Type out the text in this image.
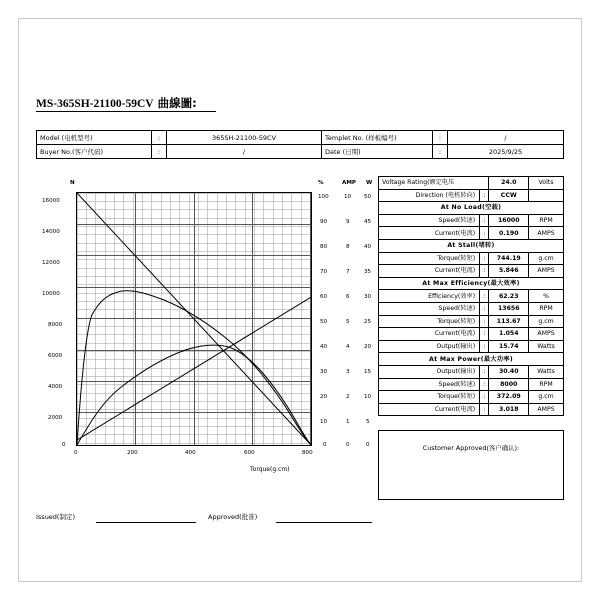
MS-365SH-21100-59CV 曲線圖:
Model (电机型号)	:	365SH-21100-59CV	Templet No. (样板编号)	:	/
Buyer No.(客户代码)	:	/	Date (日期)	:	2025/9/25
N	%	AMP W
16000
14000
12000
10000
8000
6000
4000
2000
0
100
90
80
70
60
50
40
30
20
10
0
10
9
8
7
6
5
4
3
2
1
0
50
45
40
35
30
25
20
15
10
5
0
0	200	400	600	800
Torque(g.cm)
Voltage Rating(额定电压		24.0	Volts
Direction (电机转向)	:	CCW	
At No Load(空载)			
Speed(转速)	:	16000	RPM
Current(电流)	:	0.190	AMPS
At Stall(堵转)			
Torque(转矩)	:	744.19	g.cm
Current(电流)	:	5.846	AMPS
At Max Efficiency(最大效率)			
Efficiency(效率)	:	62.23	%
Speed(转速)	:	13656	RPM
Torque(转矩)	:	113.67	g.cm
Current(电流)	:	1.054	AMPS
Output(输出)	:	15.74	Watts
At Max Power(最大功率)			
Output(输出)	:	30.40	Watts
Speed(转速)	:	8000	RPM
Torque(转矩)	:	372.09	g.cm
Current(电流)	:	3.018	AMPS
Customer Approved(客户确认):
Issued(制定)	Approved(批准)
